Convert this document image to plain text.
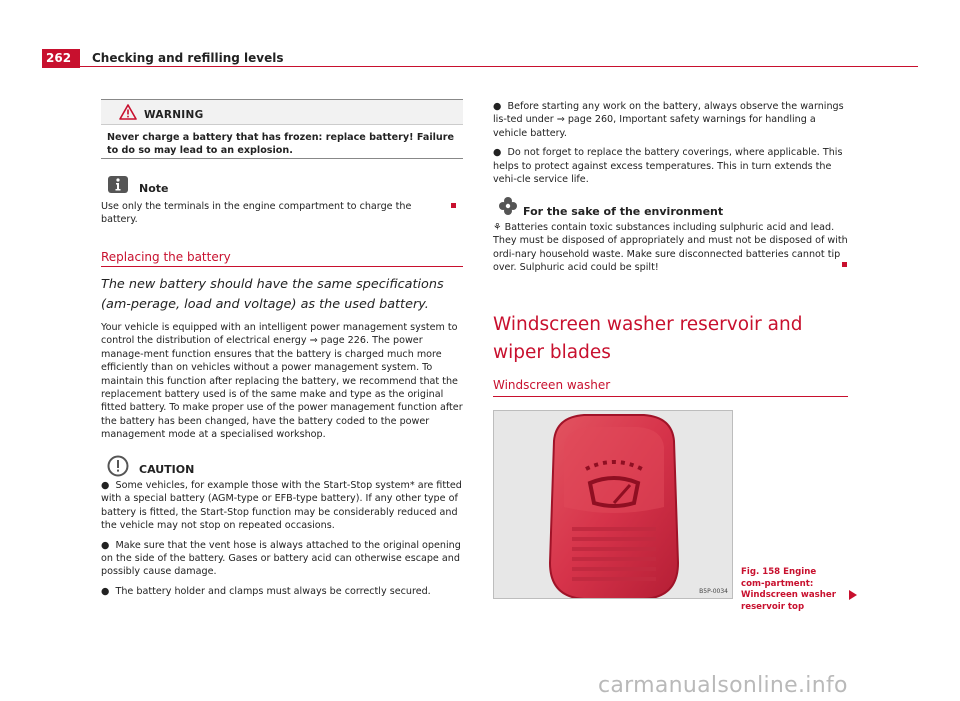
262	Checking and refilling levels
WARNING
Never charge a battery that has frozen: replace battery! Failure to do so may lead to an explosion.
Note
Use only the terminals in the engine compartment to charge the battery.
Replacing the battery
The new battery should have the same specifications (am-perage, load and voltage) as the used battery.
Your vehicle is equipped with an intelligent power management system to control the distribution of electrical energy ⇒ page 226. The power manage-ment function ensures that the battery is charged much more efficiently than on vehicles without a power management system. To maintain this function after replacing the battery, we recommend that the replacement battery used is of the same make and type as the original fitted battery. To make proper use of the power management function after the battery has been changed, have the battery coded to the power management mode at a specialised workshop.
CAUTION
●  Some vehicles, for example those with the Start-Stop system* are fitted with a special battery (AGM-type or EFB-type battery). If any other type of battery is fitted, the Start-Stop function may be considerably reduced and the vehicle may not stop on repeated occasions.
●  Make sure that the vent hose is always attached to the original opening on the side of the battery. Gases or battery acid can otherwise escape and possibly cause damage.
●  The battery holder and clamps must always be correctly secured.
●  Before starting any work on the battery, always observe the warnings lis-ted under ⇒ page 260, Important safety warnings for handling a vehicle battery.
●  Do not forget to replace the battery coverings, where applicable. This helps to protect against excess temperatures. This in turn extends the vehi-cle service life.
For the sake of the environment
⚘ Batteries contain toxic substances including sulphuric acid and lead. They must be disposed of appropriately and must not be disposed of with ordi-nary household waste. Make sure disconnected batteries cannot tip over. Sulphuric acid could be spilt!
Windscreen washer reservoir and wiper blades
Windscreen washer
B5P-0034
Fig. 158 Engine com-partment: Windscreen washer reservoir top
carmanualsonline.info
